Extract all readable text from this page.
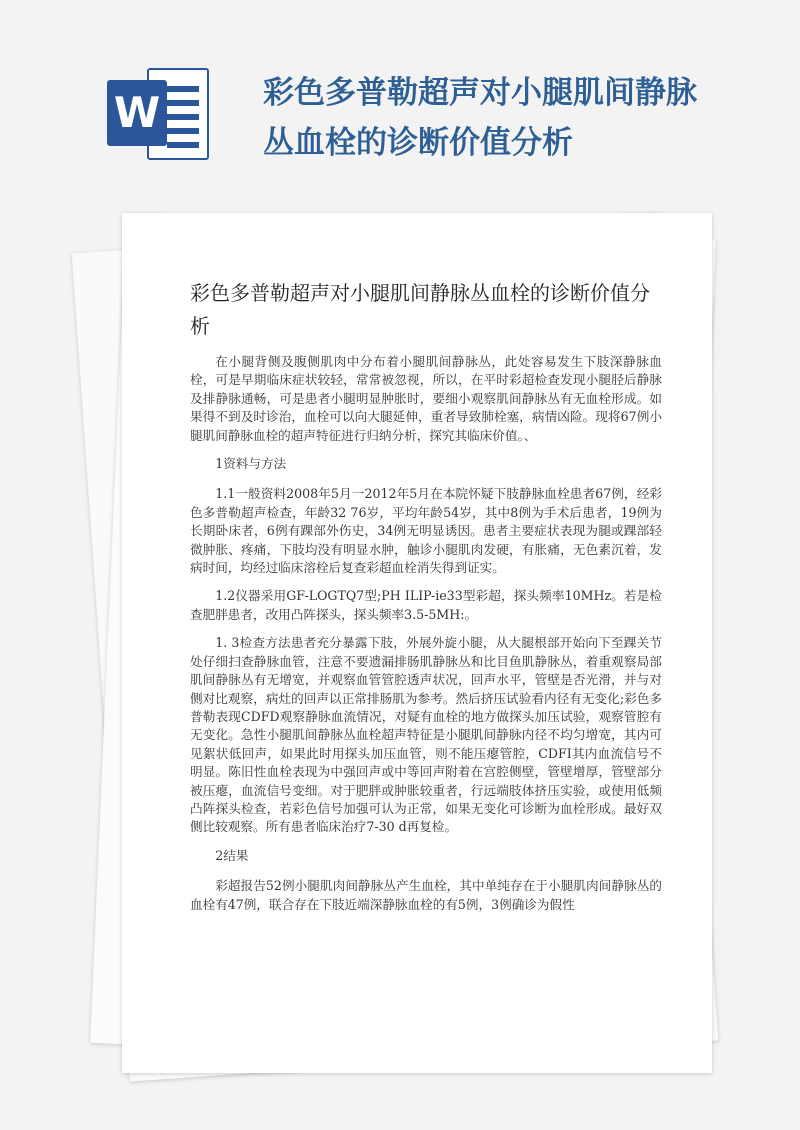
W	彩色多普勒超声对小腿肌间静脉丛血栓的诊断价值分析
彩色多普勒超声对小腿肌间静脉丛血栓的诊断价值分析

在小腿背侧及腹侧肌肉中分布着小腿肌间静脉丛，此处容易发生下肢深静脉血栓，可是早期临床症状较轻，常常被忽视，所以，在平时彩超检查发现小腿胫后静脉及排静脉通畅，可是患者小腿明显肿胀时，要细小观察肌间静脉丛有无血栓形成。如果得不到及时诊治，血栓可以向大腿延伸，重者导致肺栓塞，病情凶险。现将67例小腿肌间静脉血栓的超声特征进行归纳分析，探究其临床价值。、

1资料与方法

1.1一般资料2008年5月一2012年5月在本院怀疑下肢静脉血栓患者67例，经彩色多普勒超声检查，年龄32 76岁，平均年龄54岁，其中8例为手术后患者，19例为长期卧床者，6例有踝部外伤史，34例无明显诱因。患者主要症状表现为腿或踝部轻微肿胀、疼痛，下肢均没有明显水肿，触诊小腿肌肉发硬，有胀痛，无色素沉着，发病时间，均经过临床溶栓后复查彩超血栓消失得到证实。

1.2仪器采用GF-LOGTQ7型;PH ILIP-ie33型彩超，探头频率10MHz。若是检查肥胖患者，改用凸阵探头，探头频率3.5-5MH:。

1. 3检查方法患者充分暴露下肢，外展外旋小腿，从大腿根部开始向下至踝关节处仔细扫查静脉血管，注意不要遗漏排肠肌静脉丛和比目鱼肌静脉丛，着重观察局部肌间静脉丛有无增宽，并观察血管管腔透声状况，回声水平，管壁是否光滑，并与对侧对比观察，病灶的回声以正常排肠肌为参考。然后挤压试验看内径有无变化;彩色多普勒表现CDFD观察静脉血流情况，对疑有血栓的地方做探头加压试验，观察管腔有无变化。急性小腿肌间静脉丛血栓超声特征是小腿肌间静脉内径不均匀增宽，其内可见絮状低回声，如果此时用探头加压血管，则不能压瘪管腔，CDFI其内血流信号不明显。陈旧性血栓表现为中强回声或中等回声附着在宫腔侧壁，管壁增厚，管壁部分被压瘪，血流信号变细。对于肥胖或肿胀较重者，行远端肢体挤压实验，或使用低频凸阵探头检查，若彩色信号加强可认为正常，如果无变化可诊断为血栓形成。最好双侧比较观察。所有患者临床治疗7-30 d再复检。

2结果

彩超报告52例小腿肌肉间静脉丛产生血栓，其中单纯存在于小腿肌肉间静脉丛的血栓有47例，联合存在下肢近端深静脉血栓的有5例，3例确诊为假性
